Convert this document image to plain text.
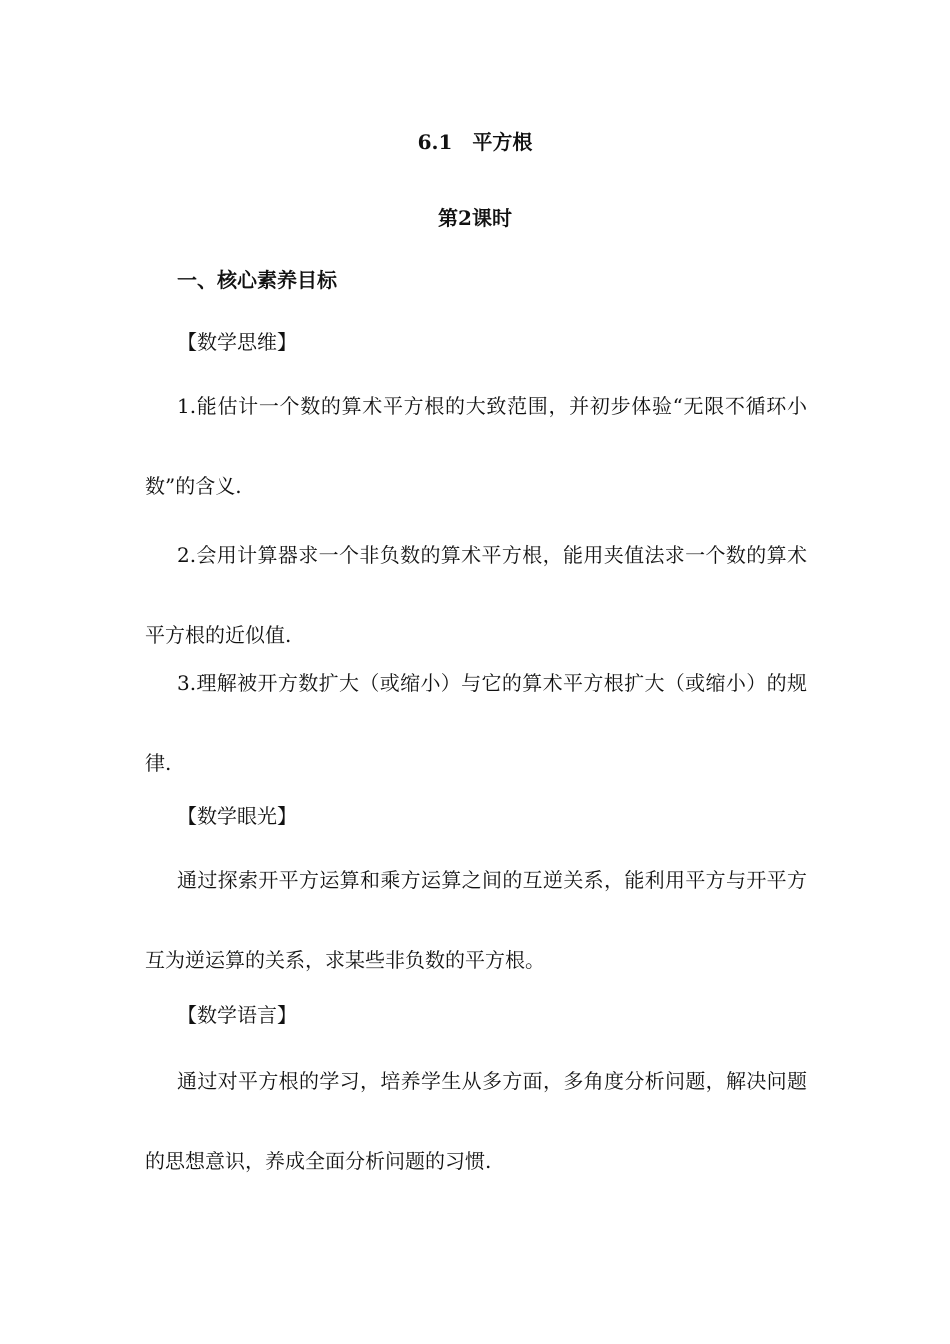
6.1　平方根
第2课时
一、核心素养目标

【数学思维】

1.能估计一个数的算术平方根的大致范围，并初步体验“无限不循环小数”的含义.

2.会用计算器求一个非负数的算术平方根，能用夹值法求一个数的算术平方根的近似值.

3.理解被开方数扩大（或缩小）与它的算术平方根扩大（或缩小）的规律.

【数学眼光】

通过探索开平方运算和乘方运算之间的互逆关系，能利用平方与开平方互为逆运算的关系，求某些非负数的平方根。

【数学语言】

通过对平方根的学习，培养学生从多方面，多角度分析问题，解决问题的思想意识，养成全面分析问题的习惯.
